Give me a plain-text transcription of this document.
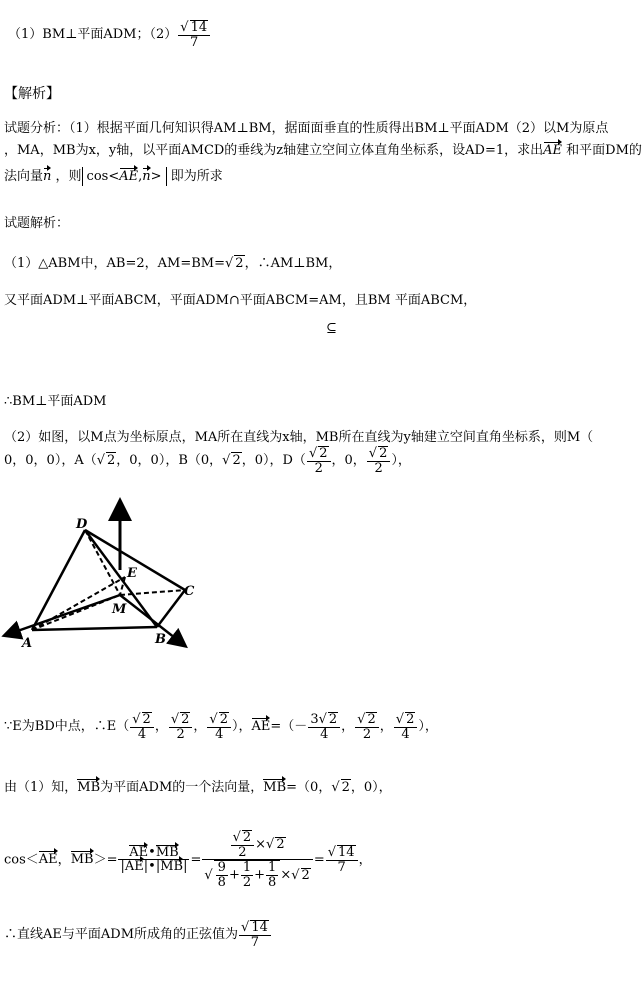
（1）BM⊥平面ADM；（2） √ $\frac{14}{7}$
【解析】
试题分析：（1）根据平面几何知识得AM⊥BM，据面面垂直的性质得出BM⊥平面ADM（2）以M为原点
，MA，MB为x，y轴，以平面AMCD的垂线为z轴建立空间立体直角坐标系，设AD=1，求出AE 和平面DM的
法向量n ，则 cos<AE,n> 即为所求
试题解析：
（1）△ABM中，AB=2，AM=BM= √ 2，∴AM⊥BM，
又平面ADM⊥平面ABCM，平面ADM∩平面ABCM=AM，且BM 平面ABCM，
⊆
∴BM⊥平面ADM
（2）如图，以M点为坐标原点，MA所在直线为x轴，MB所在直线为y轴建立空间直角坐标系，则M（
0，0，0），A（ √ 2，0，0），B（0， √ 2，0），D（ √ $\frac{2}{2}$ ，0， √ $\frac{2}{2}$ ），
D
E
C
M
A	B
∵E为BD中点，∴E（ √ $\frac{2}{4}$ ， √ $\frac{2}{2}$ ， √ $\frac{2}{4}$ ），$AE=(- \frac{3 √ 2}{4}$ ， √ $\frac{2}{2}$ ， √ $\frac{2}{4}$ ），
由（1）知，MB为平面ADM的一个法向量，MB=（0， √ 2，0），
cos＜AE，$MB>= \frac{AE•MB}{|AE|•|MB|}$ = √ $\frac{2}{2}$ × √ 2
√
$\frac{9}{8} + \frac{1}{2} + \frac{1}{8}$ × √ 2 = √ $\frac{14}{7}$ ，
∴直线AE与平面ADM所成角的正弦值为 √ $\frac{14}{7}$
